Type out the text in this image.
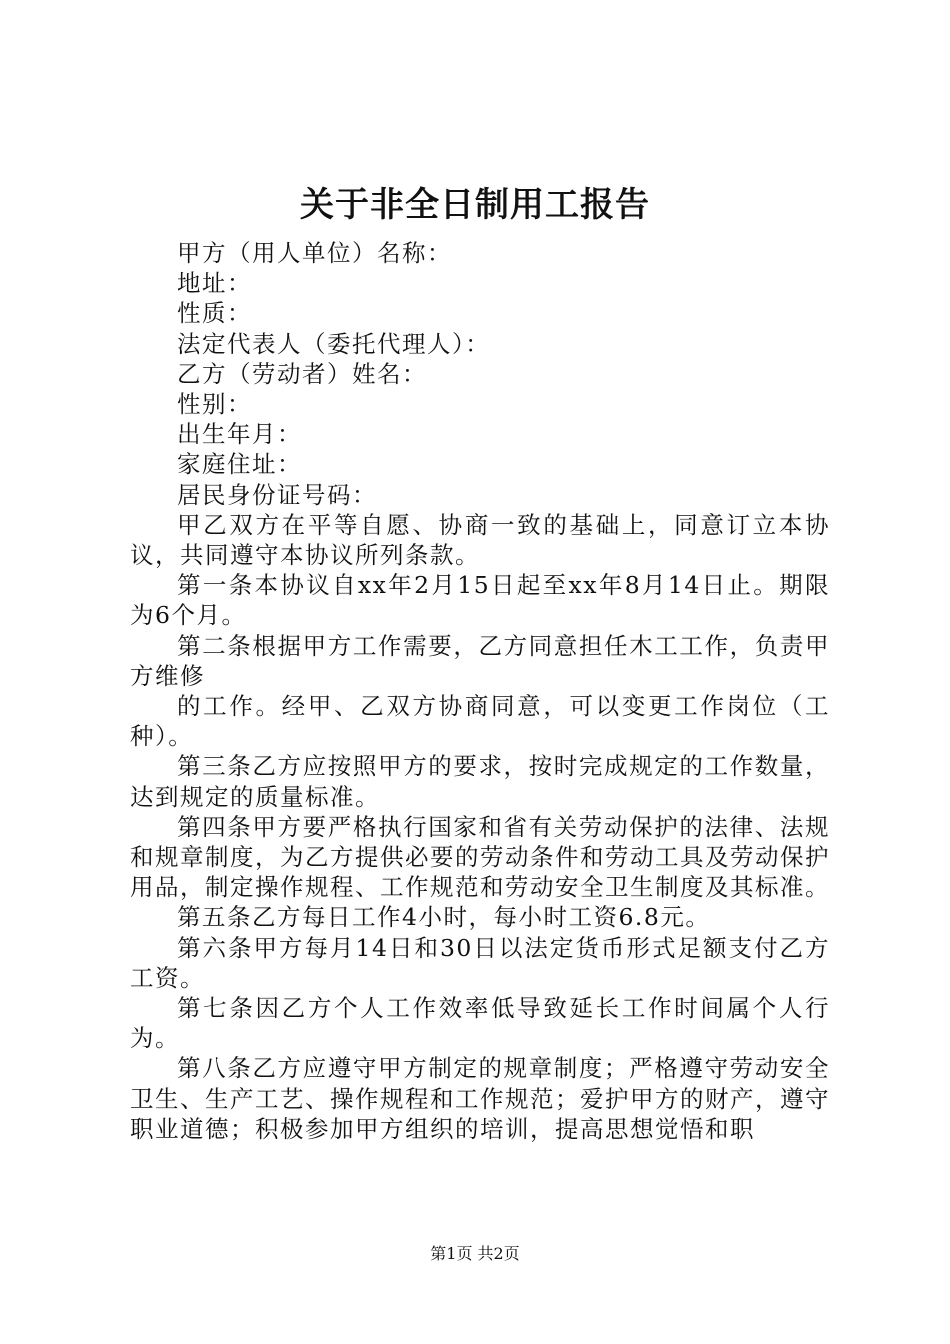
关于非全日制用工报告

甲方（用人单位）名称：

地址：

性质：

法定代表人（委托代理人）：

乙方（劳动者）姓名：

性别：

出生年月：

家庭住址：

居民身份证号码：

甲乙双方在平等自愿、协商一致的基础上，同意订立本协议，共同遵守本协议所列条款。

第一条本协议自xx年2月15日起至xx年8月14日止。期限为6个月。

第二条根据甲方工作需要，乙方同意担任木工工作，负责甲方维修

的工作。经甲、乙双方协商同意，可以变更工作岗位（工种）。

第三条乙方应按照甲方的要求，按时完成规定的工作数量，达到规定的质量标准。

第四条甲方要严格执行国家和省有关劳动保护的法律、法规和规章制度，为乙方提供必要的劳动条件和劳动工具及劳动保护用品，制定操作规程、工作规范和劳动安全卫生制度及其标准。

第五条乙方每日工作4小时，每小时工资6.8元。

第六条甲方每月14日和30日以法定货币形式足额支付乙方工资。

第七条因乙方个人工作效率低导致延长工作时间属个人行为。

第八条乙方应遵守甲方制定的规章制度；严格遵守劳动安全卫生、生产工艺、操作规程和工作规范；爱护甲方的财产，遵守职业道德；积极参加甲方组织的培训，提高思想觉悟和职

第1页 共2页
